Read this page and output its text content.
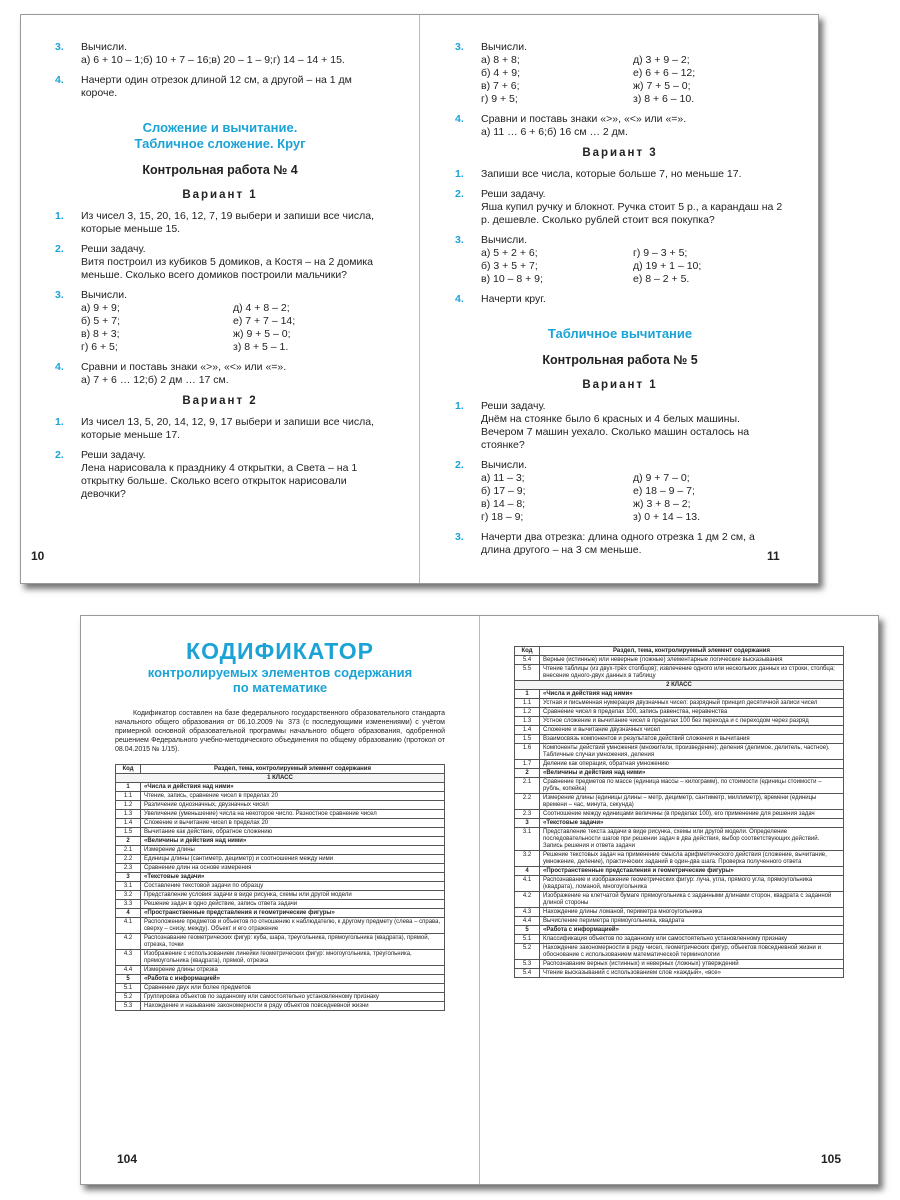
3. Вычисли.
а) 6 + 10 – 1;б) 10 + 7 – 16;в) 20 – 1 – 9;г) 14 – 14 + 15.
4. Начерти один отрезок длиной 12 см, а другой – на 1 дм короче.
Сложение и вычитание.
Табличное сложение. Круг
Контрольная работа № 4
Вариант 1
1. Из чисел 3, 15, 20, 16, 12, 7, 19 выбери и запиши все числа, которые меньше 15.
2. Реши задачу.
Витя построил из кубиков 5 домиков, а Костя – на 2 домика меньше. Сколько всего домиков построили мальчики?
3. Вычисли.
а) 9 + 9;	д) 4 + 8 – 2;
б) 5 + 7;	е) 7 + 7 – 14;
в) 8 + 3;	ж) 9 + 5 – 0;
г) 6 + 5;	з) 8 + 5 – 1.
4. Сравни и поставь знаки «>», «<» или «=».
а) 7 + 6 … 12;б) 2 дм … 17 см.
Вариант 2
1. Из чисел 13, 5, 20, 14, 12, 9, 17 выбери и запиши все числа, которые меньше 17.
2. Реши задачу.
Лена нарисовала к празднику 4 открытки, а Света – на 1 открытку больше. Сколько всего открыток нарисовали девочки?
10
3. Вычисли.
а) 8 + 8;	д) 3 + 9 – 2;
б) 4 + 9;	е) 6 + 6 – 12;
в) 7 + 6;	ж) 7 + 5 – 0;
г) 9 + 5;	з) 8 + 6 – 10.
4. Сравни и поставь знаки «>», «<» или «=».
а) 11 … 6 + 6;б) 16 см … 2 дм.
Вариант 3
1. Запиши все числа, которые больше 7, но меньше 17.
2. Реши задачу.
Яша купил ручку и блокнот. Ручка стоит 5 р., а карандаш на 2 р. дешевле. Сколько рублей стоит вся покупка?
3. Вычисли.
а) 5 + 2 + 6;	г) 9 – 3 + 5;
б) 3 + 5 + 7;	д) 19 + 1 – 10;
в) 10 – 8 + 9;	е) 8 – 2 + 5.
4. Начерти круг.
Табличное вычитание
Контрольная работа № 5
Вариант 1
1. Реши задачу.
Днём на стоянке было 6 красных и 4 белых машины. Вечером 7 машин уехало. Сколько машин осталось на стоянке?
2. Вычисли.
а) 11 – 3;	д) 9 + 7 – 0;
б) 17 – 9;	е) 18 – 9 – 7;
в) 14 – 8;	ж) 3 + 8 – 2;
г) 18 – 9;	з) 0 + 14 – 13.
3. Начерти два отрезка: длина одного отрезка 1 дм 2 см, а длина другого – на 3 см меньше.	11
КОДИФИКАТОР
контролируемых элементов содержания
по математике
Кодификатор составлен на базе федерального государственного образовательного стандарта начального общего образования от 06.10.2009 № 373 (с последующими изменениями) с учётом примерной основной образовательной программы начального общего образования, одобренной решением Федерального учебно-методического объединения по общему образованию (протокол от 08.04.2015 № 1/15).
Код	Раздел, тема, контролируемый элемент содержания
1 КЛАСС	
1	«Числа и действия над ними»
1.1	Чтение, запись, сравнение чисел в пределах 20
1.2	Различение однозначных, двузначных чисел
1.3	Увеличение (уменьшение) числа на некоторое число. Разностное сравнение чисел
1.4	Сложение и вычитание чисел в пределах 20
1.5	Вычитание как действие, обратное сложению
2	«Величины и действия над ними»
2.1	Измерение длины
2.2	Единицы длины (сантиметр, дециметр) и соотношения между ними
2.3	Сравнение длин на основе измерения
3	«Текстовые задачи»
3.1	Составление текстовой задачи по образцу
3.2	Представление условия задачи в виде рисунка, схемы или другой модели
3.3	Решение задач в одно действие, запись ответа задачи
4	«Пространственные представления и геометрические фигуры»
4.1	Расположение предметов и объектов по отношению к наблюдателю, к другому предмету (слева – справа, сверху – снизу, между). Объект и его отражение
4.2	Распознавание геометрических фигур: куба, шара, треугольника, прямоугольника (квадрата), прямой, отрезка, точки
4.3	Изображение с использованием линейки геометрических фигур: многоугольника, треугольника, прямоугольника (квадрата), прямой, отрезка
4.4	Измерение длины отрезка
5	«Работа с информацией»
5.1	Сравнение двух или более предметов
5.2	Группировка объектов по заданному или самостоятельно установленному признаку
5.3	Нахождение и называние закономерности в ряду объектов повседневной жизни
104
Код	Раздел, тема, контролируемый элемент содержания
5.4	Верные (истинные) или неверные (ложные) элементарные логические высказывания
5.5	Чтение таблицы (из двух-трёх столбцов); извлечение одного или нескольких данных из строки, столбца; внесение одного-двух данных в таблицу
2 КЛАСС	
1	«Числа и действия над ними»
1.1	Устная и письменная нумерация двузначных чисел: разрядный принцип десятичной записи чисел
1.2	Сравнение чисел в пределах 100, запись равенства, неравенства
1.3	Устное сложение и вычитание чисел в пределах 100 без перехода и с переходом через разряд
1.4	Сложение и вычитание двузначных чисел
1.5	Взаимосвязь компонентов и результатов действий сложения и вычитания
1.6	Компоненты действий умножения (множители, произведение); деления (делимое, делитель, частное). Табличные случаи умножения, деления
1.7	Деление как операция, обратная умножению
2	«Величины и действия над ними»
2.1	Сравнение предметов по массе (единица массы – килограмм), по стоимости (единицы стоимости – рубль, копейка)
2.2	Измерение длины (единицы длины – метр, дециметр, сантиметр, миллиметр), времени (единицы времени – час, минута, секунда)
2.3	Соотношение между единицами величины (в пределах 100), его применение для решения задач
3	«Текстовые задачи»
3.1	Представление текста задачи в виде рисунка, схемы или другой модели. Определение последовательности шагов при решении задач в два действия, выбор соответствующих действий. Запись решения и ответа задачи
3.2	Решение текстовых задач на применение смысла арифметического действия (сложение, вычитание, умножение, деление), практических заданий в один-два шага. Проверка полученного ответа
4	«Пространственные представления и геометрические фигуры»
4.1	Распознавание и изображение геометрических фигур: луча, угла, прямого угла, прямоугольника (квадрата), ломаной, многоугольника
4.2	Изображение на клетчатой бумаге прямоугольника с заданными длинами сторон, квадрата с заданной длиной стороны
4.3	Нахождение длины ломаной, периметра многоугольника
4.4	Вычисление периметра прямоугольника, квадрата
5	«Работа с информацией»
5.1	Классификация объектов по заданному или самостоятельно установленному признаку
5.2	Нахождение закономерности в ряду чисел, геометрических фигур, объектов повседневной жизни и обоснование с использованием математической терминологии
5.3	Распознавание верных (истинных) и неверных (ложных) утверждений
5.4	Чтение высказываний с использованием слов «каждый», «все»
105
